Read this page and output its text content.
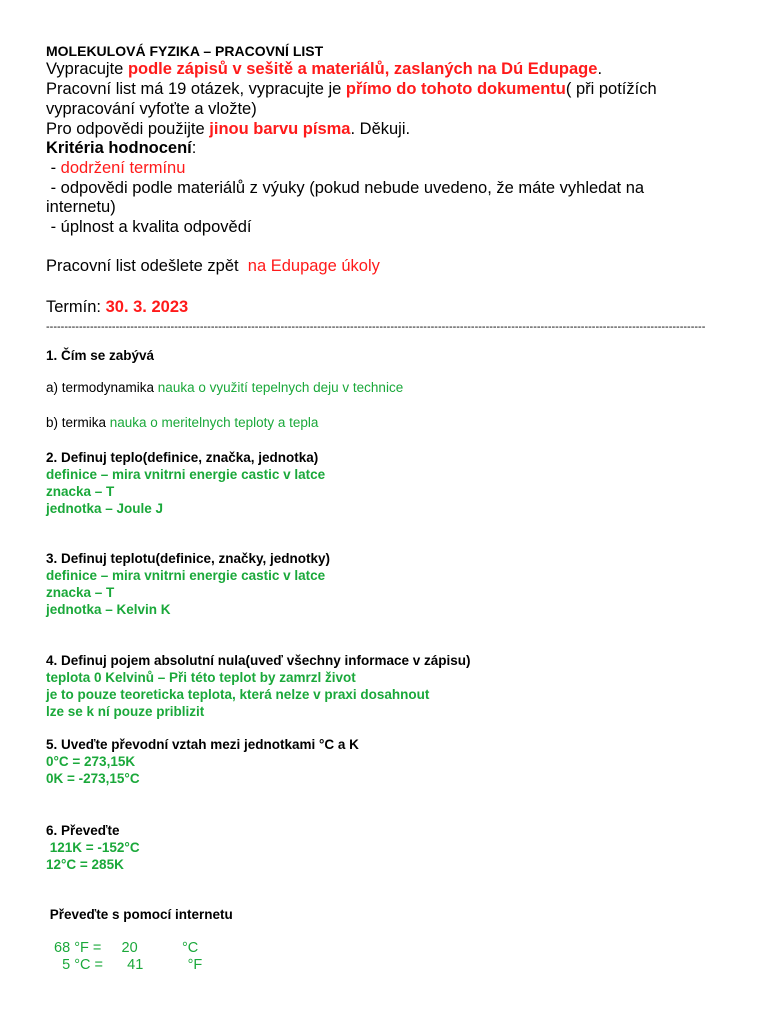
MOLEKULOVÁ FYZIKA – PRACOVNÍ LIST
Vypracujte podle zápisů v sešitě a materiálů, zaslaných na Dú Edupage.
Pracovní list má 19 otázek, vypracujte je přímo do tohoto dokumentu( při potížích
vypracování vyfoťte a vložte)
Pro odpovědi použijte jinou barvu písma. Děkuji.
Kritéria hodnocení:
- dodržení termínu
- odpovědi podle materiálů z výuky (pokud nebude uvedeno, že máte vyhledat na
internetu)
- úplnost a kvalita odpovědí
Pracovní list odešlete zpět  na Edupage úkoly
Termín: 30. 3. 2023
------------------------------------------------------------------------------------------------------------------------------------------------------------------------------------
1. Čím se zabývá
a) termodynamika nauka o využití tepelnych deju v technice
b) termika nauka o meritelnych teploty a tepla
2. Definuj teplo(definice, značka, jednotka)
definice – mira vnitrni energie castic v latce
znacka – T
jednotka – Joule J
3. Definuj teplotu(definice, značky, jednotky)
definice – mira vnitrni energie castic v latce
znacka – T
jednotka – Kelvin K
4. Definuj pojem absolutní nula(uveď všechny informace v zápisu)
teplota 0 Kelvinů – Při této teplot by zamrzl život
je to pouze teoreticka teplota, která nelze v praxi dosahnout
lze se k ní pouze priblizit
5. Uveďte převodní vztah mezi jednotkami °C a K
0°C = 273,15K
0K = -273,15°C
6. Převeďte
121K = -152°C
12°C = 285K
Převeďte s pomocí internetu
68 °F =     20           °C
5 °C =      41           °F
